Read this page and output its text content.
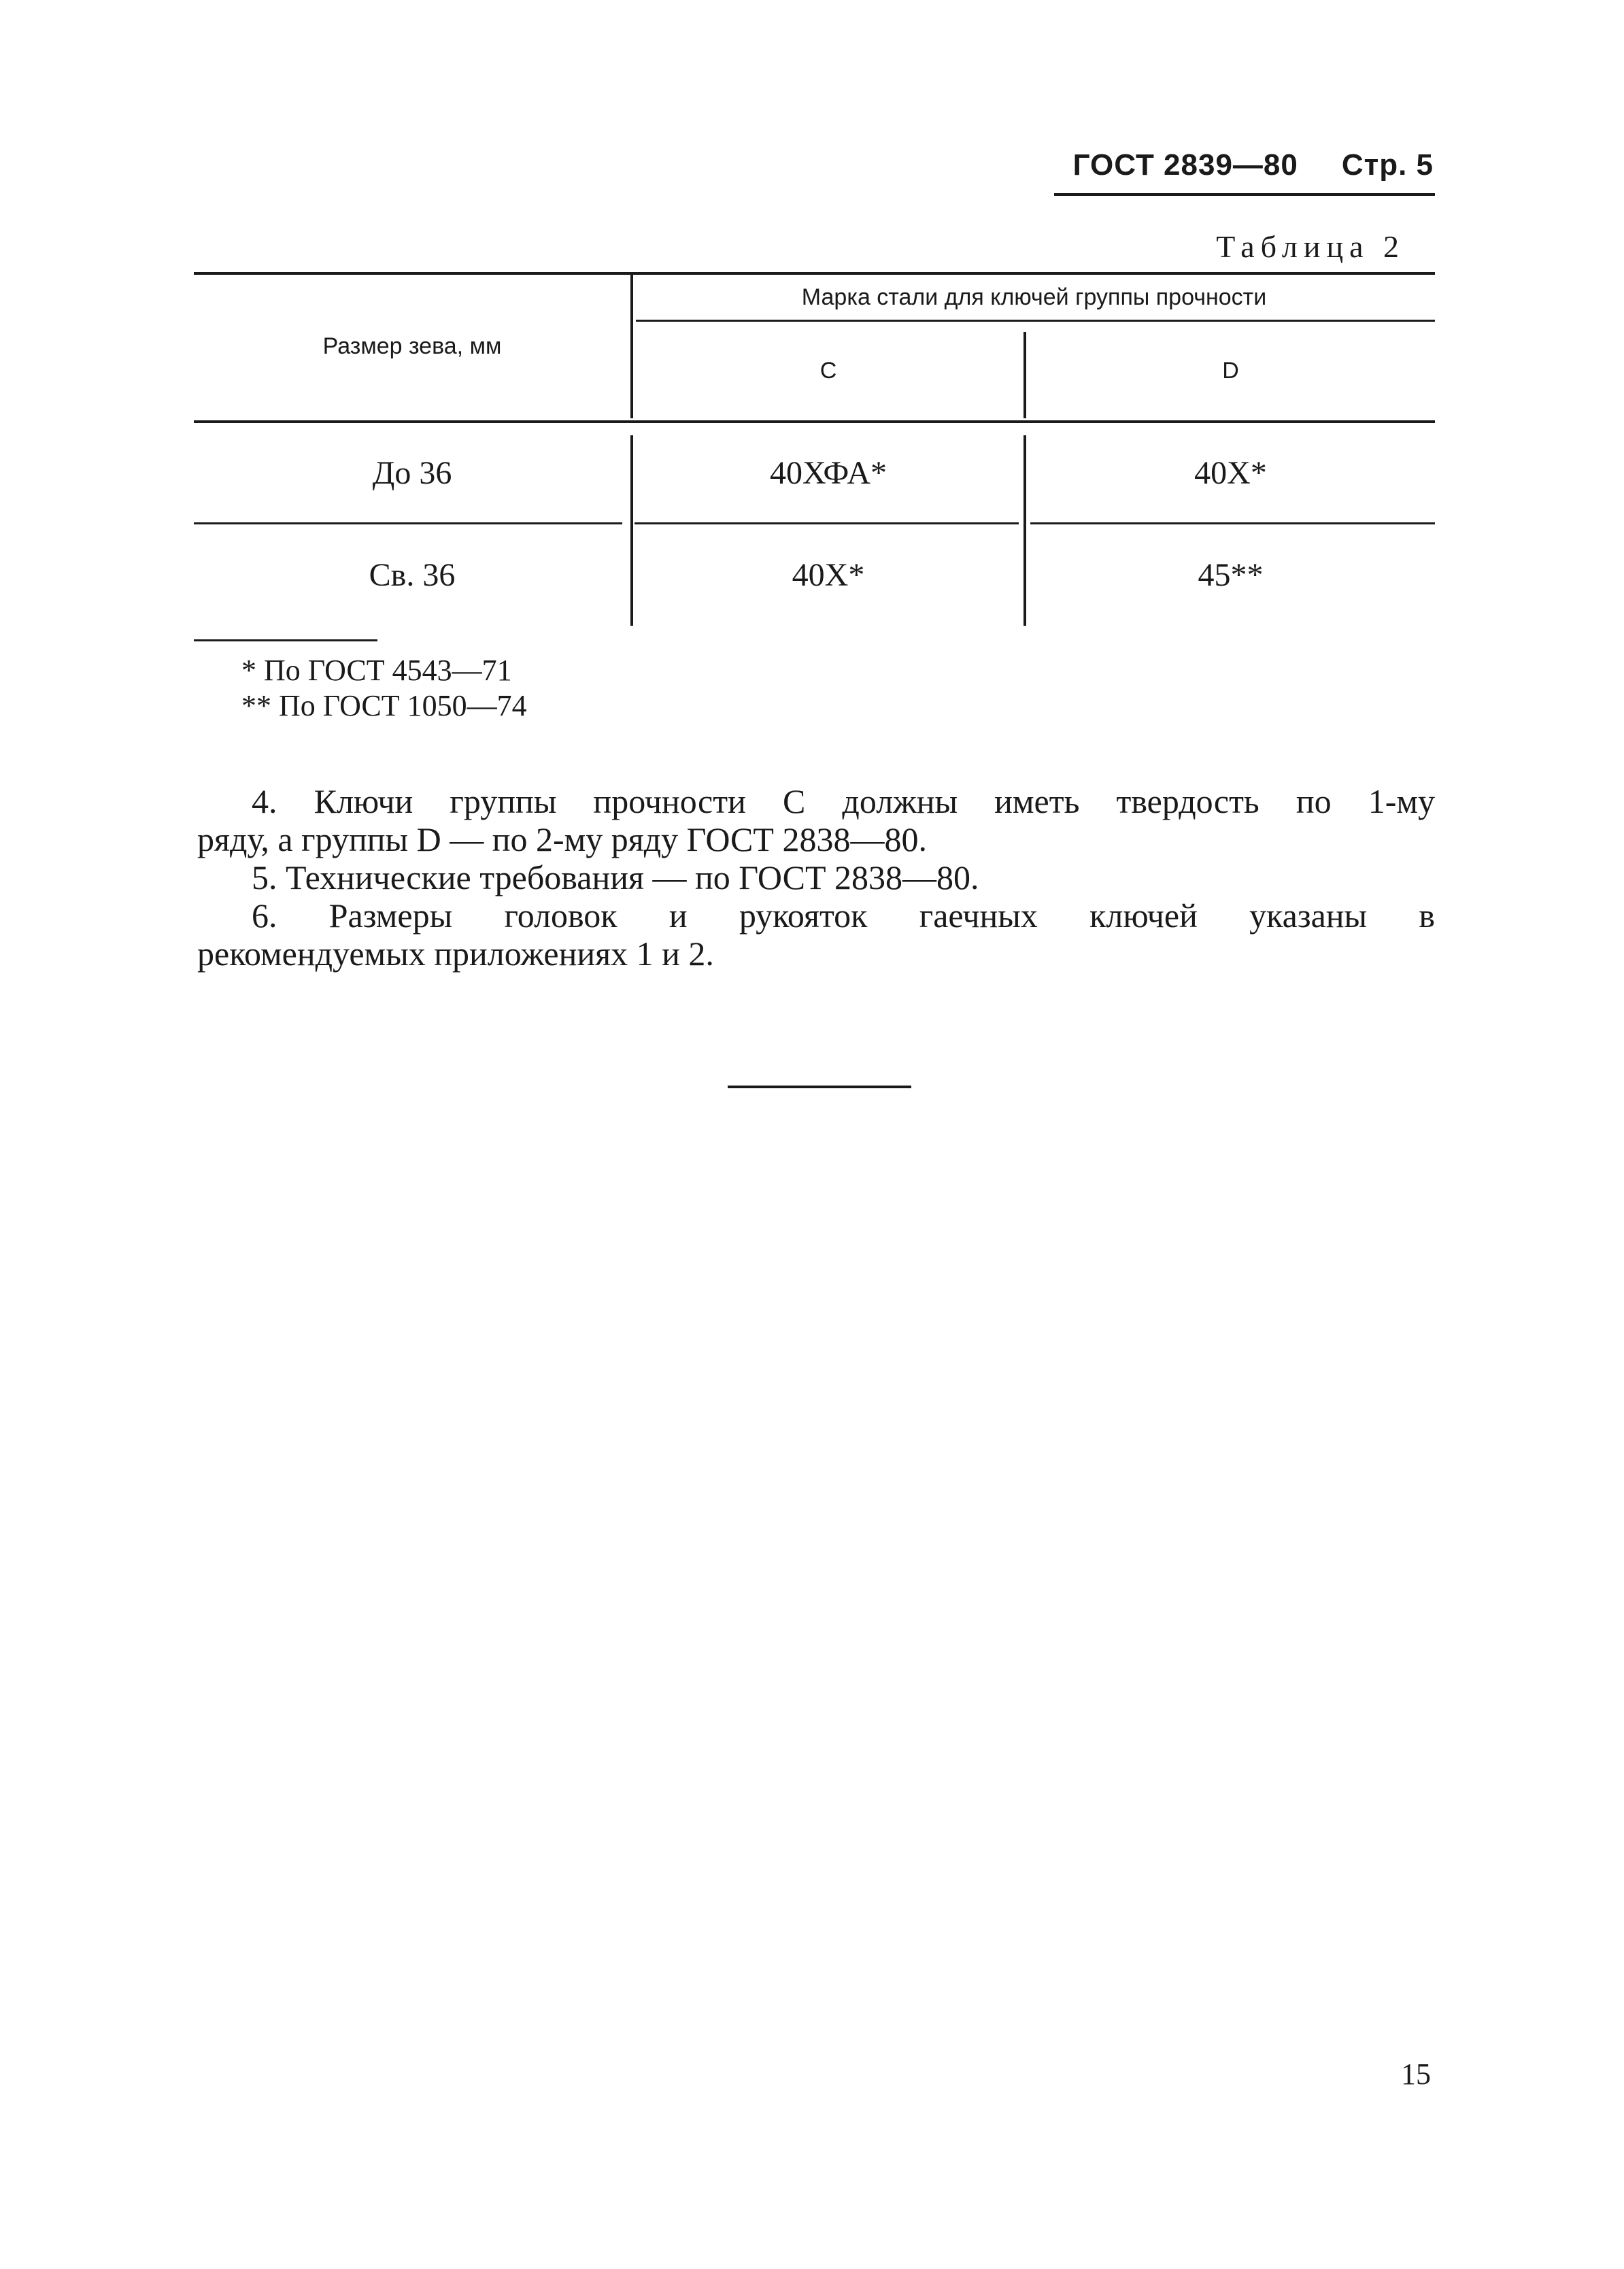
ГОСТ 2839—80 Стр. 5
Таблица 2
Размер зева, мм
Марка стали для ключей группы прочности
C	D
До 36	40ХФА*	40Х*
Св. 36	40Х*	45**
* По ГОСТ 4543—71
** По ГОСТ 1050—74

4. Ключи группы прочности С должны иметь твердость по 1-му

ряду, а группы D — по 2-му ряду ГОСТ 2838—80.

5. Технические требования — по ГОСТ 2838—80.

6. Размеры головок и рукояток гаечных ключей указаны в

рекомендуемых приложениях 1 и 2.

15
